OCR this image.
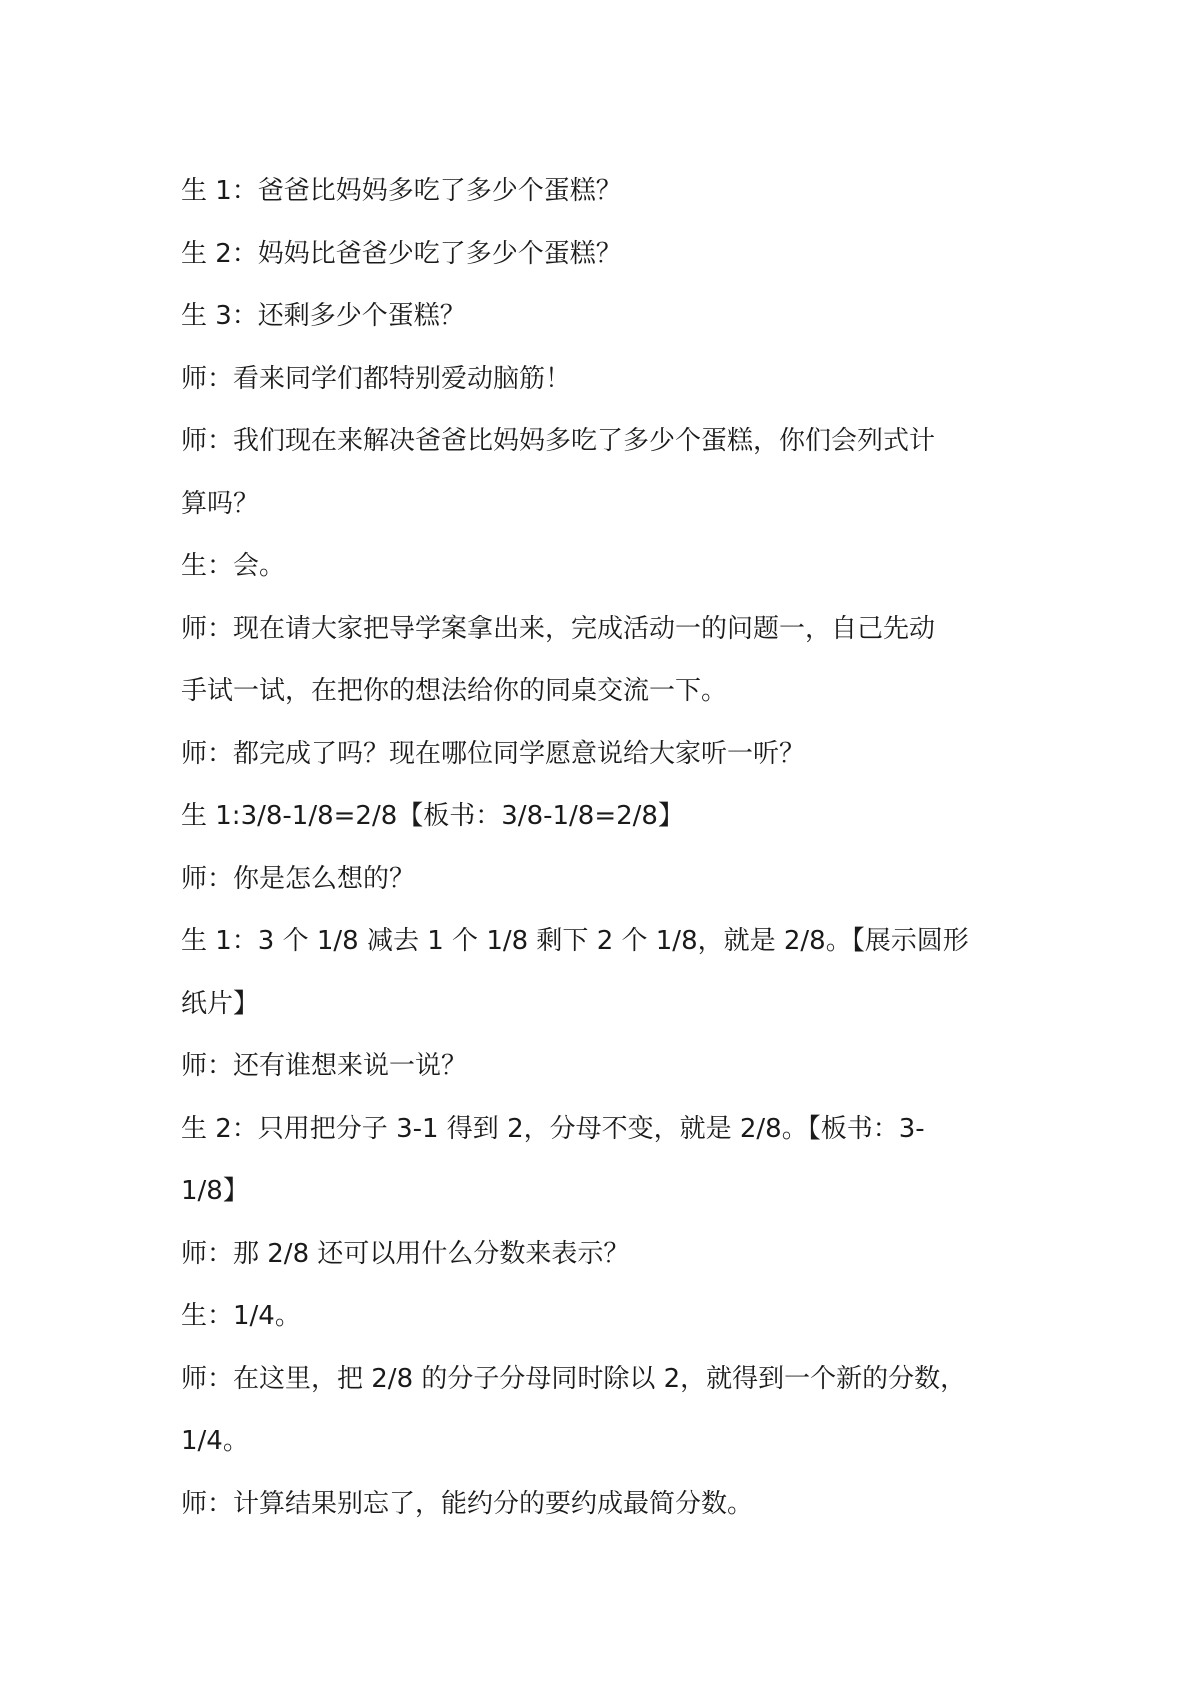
生 1：爸爸比妈妈多吃了多少个蛋糕？
生 2：妈妈比爸爸少吃了多少个蛋糕？
生 3：还剩多少个蛋糕？
师：看来同学们都特别爱动脑筋！
师：我们现在来解决爸爸比妈妈多吃了多少个蛋糕，你们会列式计
算吗？
生：会。
师：现在请大家把导学案拿出来，完成活动一的问题一，自己先动
手试一试，在把你的想法给你的同桌交流一下。
师：都完成了吗？现在哪位同学愿意说给大家听一听？
生 1:3/8-1/8=2/8【板书：3/8-1/8=2/8】
师：你是怎么想的？
生 1：3 个 1/8 减去 1 个 1/8 剩下 2 个 1/8，就是 2/8。【展示圆形
纸片】
师：还有谁想来说一说？
生 2：只用把分子 3-1 得到 2，分母不变，就是 2/8。【板书：3-
1/8】
师：那 2/8 还可以用什么分数来表示？
生：1/4。
师：在这里，把 2/8 的分子分母同时除以 2，就得到一个新的分数，
1/4。
师：计算结果别忘了，能约分的要约成最简分数。
